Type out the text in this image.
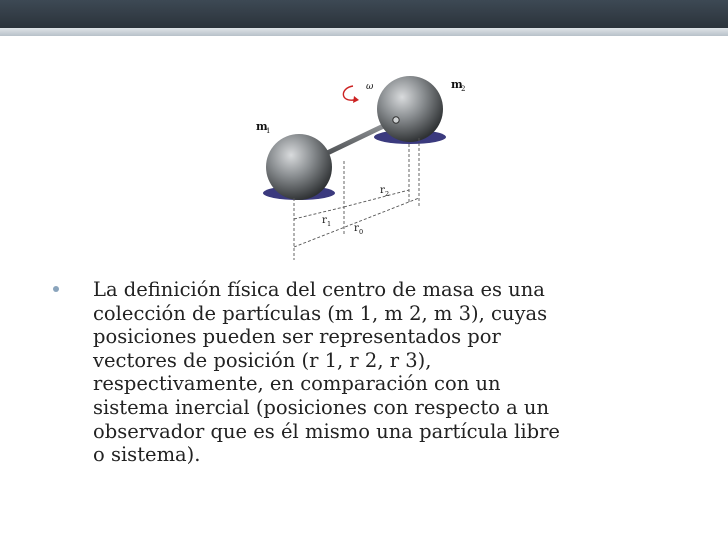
ω
m
1
m
2
r 1
r 2
r 0
La definición física del centro de masa es una
colección de partículas (m 1, m 2, m 3), cuyas
posiciones pueden ser representados por
vectores de posición (r 1, r 2, r 3),
respectivamente, en comparación con un
sistema inercial (posiciones con respecto a un
observador que es él mismo una partícula libre
o sistema).
